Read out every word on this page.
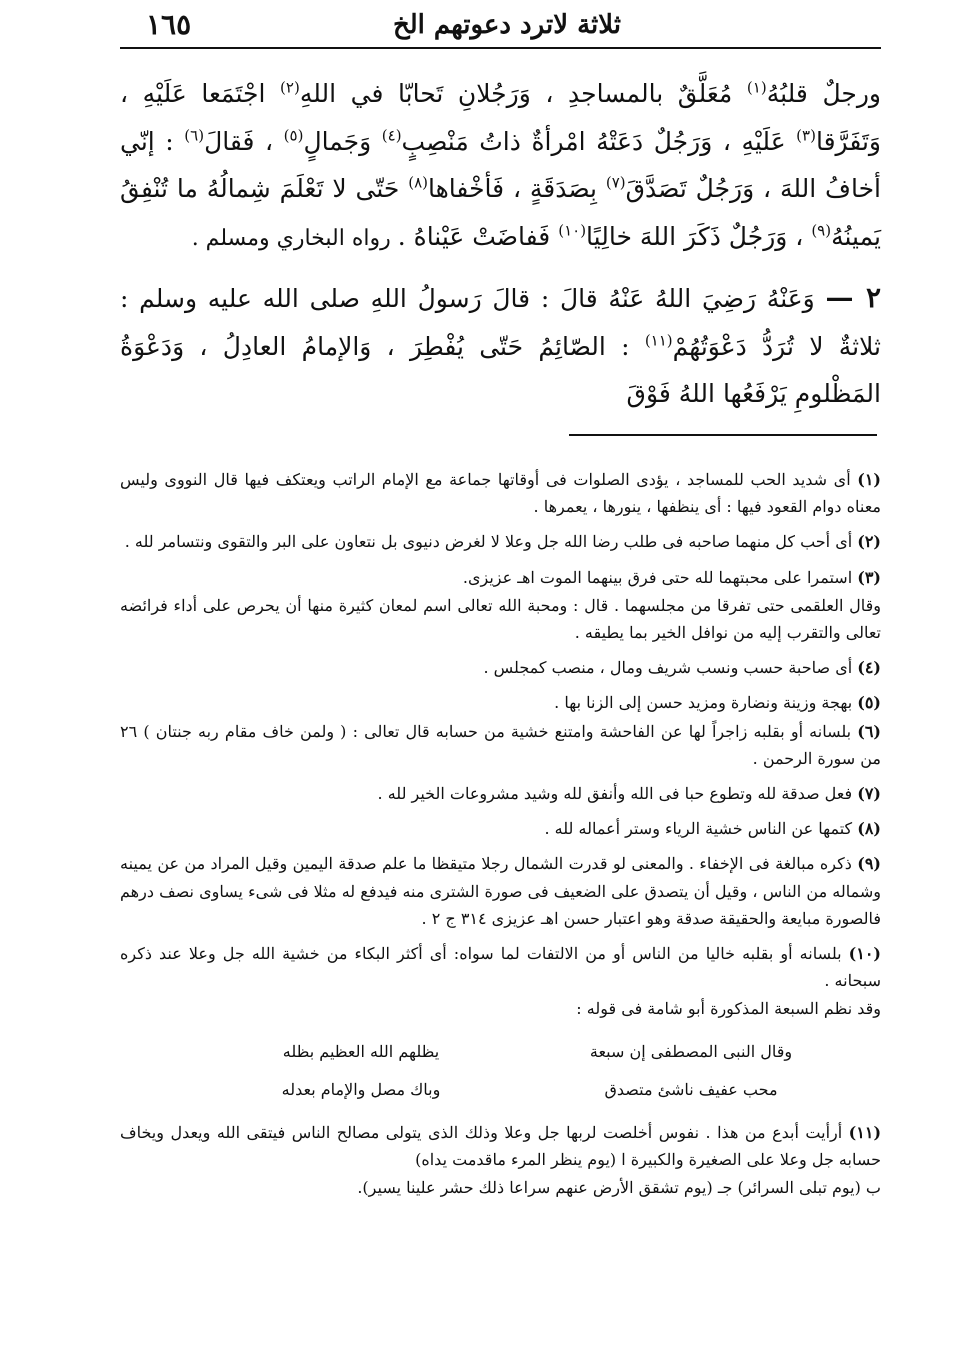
ثلاثة لاترد دعوتهم الخ
١٦٥

ورجلٌ قلبُهُ$^{(١)}$ مُعَلَّقٌ بالمساجدِ ، وَرَجُلانِ تَحابّا في اللهِ$^{(٢)}$ اجْتَمَعا عَلَيْهِ ، وَتَفَرَّقا$^{(٣)}$ عَلَيْهِ ، وَرَجُلٌ دَعَتْهُ امْرأةٌ ذاتُ مَنْصِبٍ$^{(٤)}$ وَجَمالٍ$^{(٥)}$ ، فَقالَ$^{(٦)}$ : إنّي أخافُ اللهَ ، وَرَجُلٌ تَصَدَّقَ$^{(٧)}$ بِصَدَقَةٍ ، فَأخْفاها$^{(٨)}$ حَتّى لا تَعْلَمَ شِمالُهُ ما تُنْفِقُ يَمينُهُ$^{(٩)}$ ، وَرَجُلٌ ذَكَرَ اللهَ خالِيًا$^{(١٠)}$ فَفاضَتْ عَيْناهُ . رواه البخاري ومسلم .

٢ — وَعَنْهُ رَضِيَ اللهُ عَنْهُ قالَ : قالَ رَسولُ اللهِ صلى الله عليه وسلم : ثلاثةٌ لا تُرَدُّ دَعْوَتُهُمْ$^{(١١)}$ : الصّائِمُ حَتّى يُفْطِرَ ، وَالإمامُ العادِلُ ، وَدَعْوَةُ المَظْلومِ يَرْفَعُها اللهُ فَوْقَ

(١) أى شديد الحب للمساجد ، يؤدى الصلوات فى أوقاتها جماعة مع الإمام الراتب ويعتكف فيها قال النووى وليس معناه دوام القعود فيها : أى ينظفها ، ينورها ، يعمرها .

(٢) أى أحب كل منهما صاحبه فى طلب رضا الله جل وعلا لا لغرض دنيوى بل نتعاون على البر والتقوى ونتسامر لله .

(٣) استمرا على محبتهما لله حتى فرق بينهما الموت اهـ عزيزى.

وقال العلقمى حتى تفرقا من مجلسهما . قال : ومحبة الله تعالى اسم لمعان كثيرة منها أن يحرص على أداء فرائضه تعالى والتقرب إليه من نوافل الخير بما يطيقه .

(٤) أى صاحبة حسب ونسب شريف ومال ، منصب كمجلس .

(٥) بهجة وزينة ونضارة ومزيد حسن إلى الزنا بها .

(٦) بلسانه أو بقلبه زاجراً لها عن الفاحشة وامتنع خشية من حسابه قال تعالى : ( ولمن خاف مقام ربه جنتان ) ٢٦ من سورة الرحمن .

(٧) فعل صدقة لله وتطوع حبا فى الله وأنفق لله وشيد مشروعات الخير لله .

(٨) كتمها عن الناس خشية الرياء وستر أعماله لله .

(٩) ذكره مبالغة فى الإخفاء . والمعنى لو قدرت الشمال رجلا متيقظا ما علم صدقة اليمين وقيل المراد من عن يمينه وشماله من الناس ، وقيل أن يتصدق على الضعيف فى صورة الشترى منه فيدفع له مثلا فى شىء يساوى نصف درهم فالصورة مبايعة والحقيقة صدقة وهو اعتبار حسن اهـ عزيزى ٣١٤ ج ٢ .

(١٠) بلسانه أو بقلبه خاليا من الناس أو من الالتفات لما سواه: أى أكثر البكاء من خشية الله جل وعلا عند ذكره سبحانه .

وقد نظم السبعة المذكورة أبو شامة فى قوله :

وقال النبى المصطفى إن سبعة
يظلهم الله العظيم بظله
محب عفيف ناشئ متصدق
وباك مصل والإمام بعدله

(١١) أرأيت أبدع من هذا . نفوس أخلصت لربها جل وعلا وذلك الذى يتولى مصالح الناس فيتقى الله ويعدل ويخاف حسابه جل وعلا على الصغيرة والكبيرة ا (يوم ينظر المرء ماقدمت يداه)

ب (يوم تبلى السرائر) جـ (يوم تشقق الأرض عنهم سراعا ذلك حشر علينا يسير).
